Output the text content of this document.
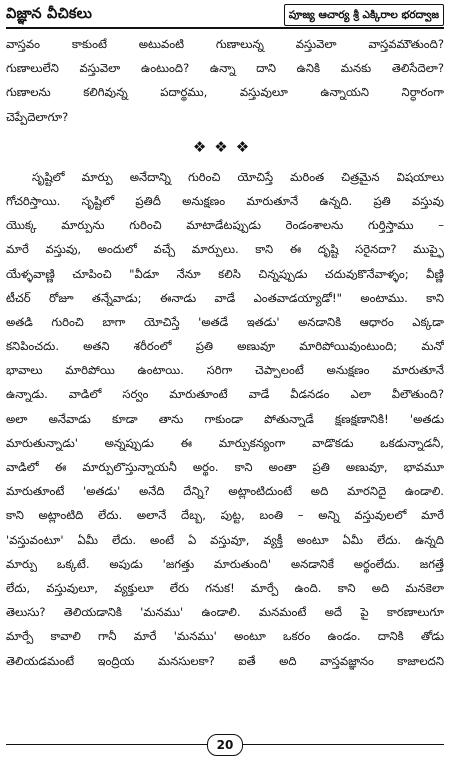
విజ్ఞాన వీచికలు	పూజ్య ఆచార్య శ్రీ ఎక్కిరాల భరద్వాజ
వాస్తవం కాకుంటే అటువంటి గుణాలున్న వస్తువెలా వాస్తవమౌతుంది?
గుణాలులేని వస్తువెలా ఉంటుంది? ఉన్నా దాని ఉనికి మనకు తెలిసేదెలా?
గుణాలను కలిగివున్న పదార్థము, వస్తువులూ ఉన్నాయని నిర్ధారంగా
చెప్పేదెలాగూ?
❖❖❖
సృష్టిలో మార్పు అనేదాన్ని గురించి యోచిస్తే మరింత చిత్రమైన విషయాలు
గోచరిస్తాయి. సృష్టిలో ప్రతిదీ అనుక్షణం మారుతూనే ఉన్నది. ప్రతి వస్తువు
యొక్క మార్పును గురించి మాటాడేటప్పుడు రెండంశాలను గుర్తిస్తాము –
మారే వస్తువు, అందులో వచ్చే మార్పులు. కాని ఈ దృష్టి సరైనదా? ముప్ఫై
యేళ్ళవాణ్ణి చూపించి "వీడూ నేనూ కలిసి చిన్నప్పుడు చదువుకొనేవాళ్ళం; వీణ్ణి
టీచర్ రోజూ తన్నేవాడు; ఈనాడు వాడే ఎంతవాడయ్యాడో!" అంటాము. కాని
అతడి గురించి బాగా యోచిస్తే 'అతడే ఇతడు' అనడానికి ఆధారం ఎక్కడా
కనిపించదు. అతని శరీరంలో ప్రతి అణువూ మారిపోయివుంటుంది; మనో
భావాలు మారిపోయి ఉంటాయి. సరిగా చెప్పాలంటే అనుక్షణం మారుతూనే
ఉన్నాడు. వాడిలో సర్వం మారుతూంటే వాడే వీడనడం ఎలా వీలౌతుంది?
అలా అనేవాడు కూడా తాను గాకుండా పోతున్నాడే క్షణక్షణానికి! 'అతడు
మారుతున్నాడు' అన్నప్పుడు ఈ మార్పుకన్యంగా వాడొకడు ఒకడున్నాడనీ,
వాడిలో ఈ మార్పులొస్తున్నాయనీ అర్థం. కాని అంతా ప్రతి అణువూ, భావమూ
మారుతూంటే 'అతడు' అనేది దేన్ని? అట్లాంటిదుంటే అది మారనిదై ఉండాలి.
కాని అట్లాంటిది లేదు. అలానే దేబ్బ, పుట్ట, బంతి – అన్ని వస్తువులలో మారే
'వస్తువంటూ' ఏమీ లేదు. అంటే ఏ వస్తువూ, వ్యక్తీ అంటూ ఏమీ లేదు. ఉన్నది
మార్పు ఒక్కటే. అపుడు 'జగత్తు మారుతుంది' అనడానికే అర్థంలేదు. జగత్తే
లేదు, వస్తువులూ, వ్యక్తులూ లేరు గనుక! మార్పే ఉంది. కాని అది మనకెలా
తెలుసు? తెలియడానికి 'మనము' ఉండాలి. మనమంటే అదే పై కారణాలుగూ
మార్పే కావాలి గానీ మారే 'మనము' అంటూ ఒకరం ఉండం. దానికి తోడు
తెలియడమంటే ఇంద్రియ మనసులకా? ఐతే అది వాస్తవజ్ఞానం కాజాలదని
20
